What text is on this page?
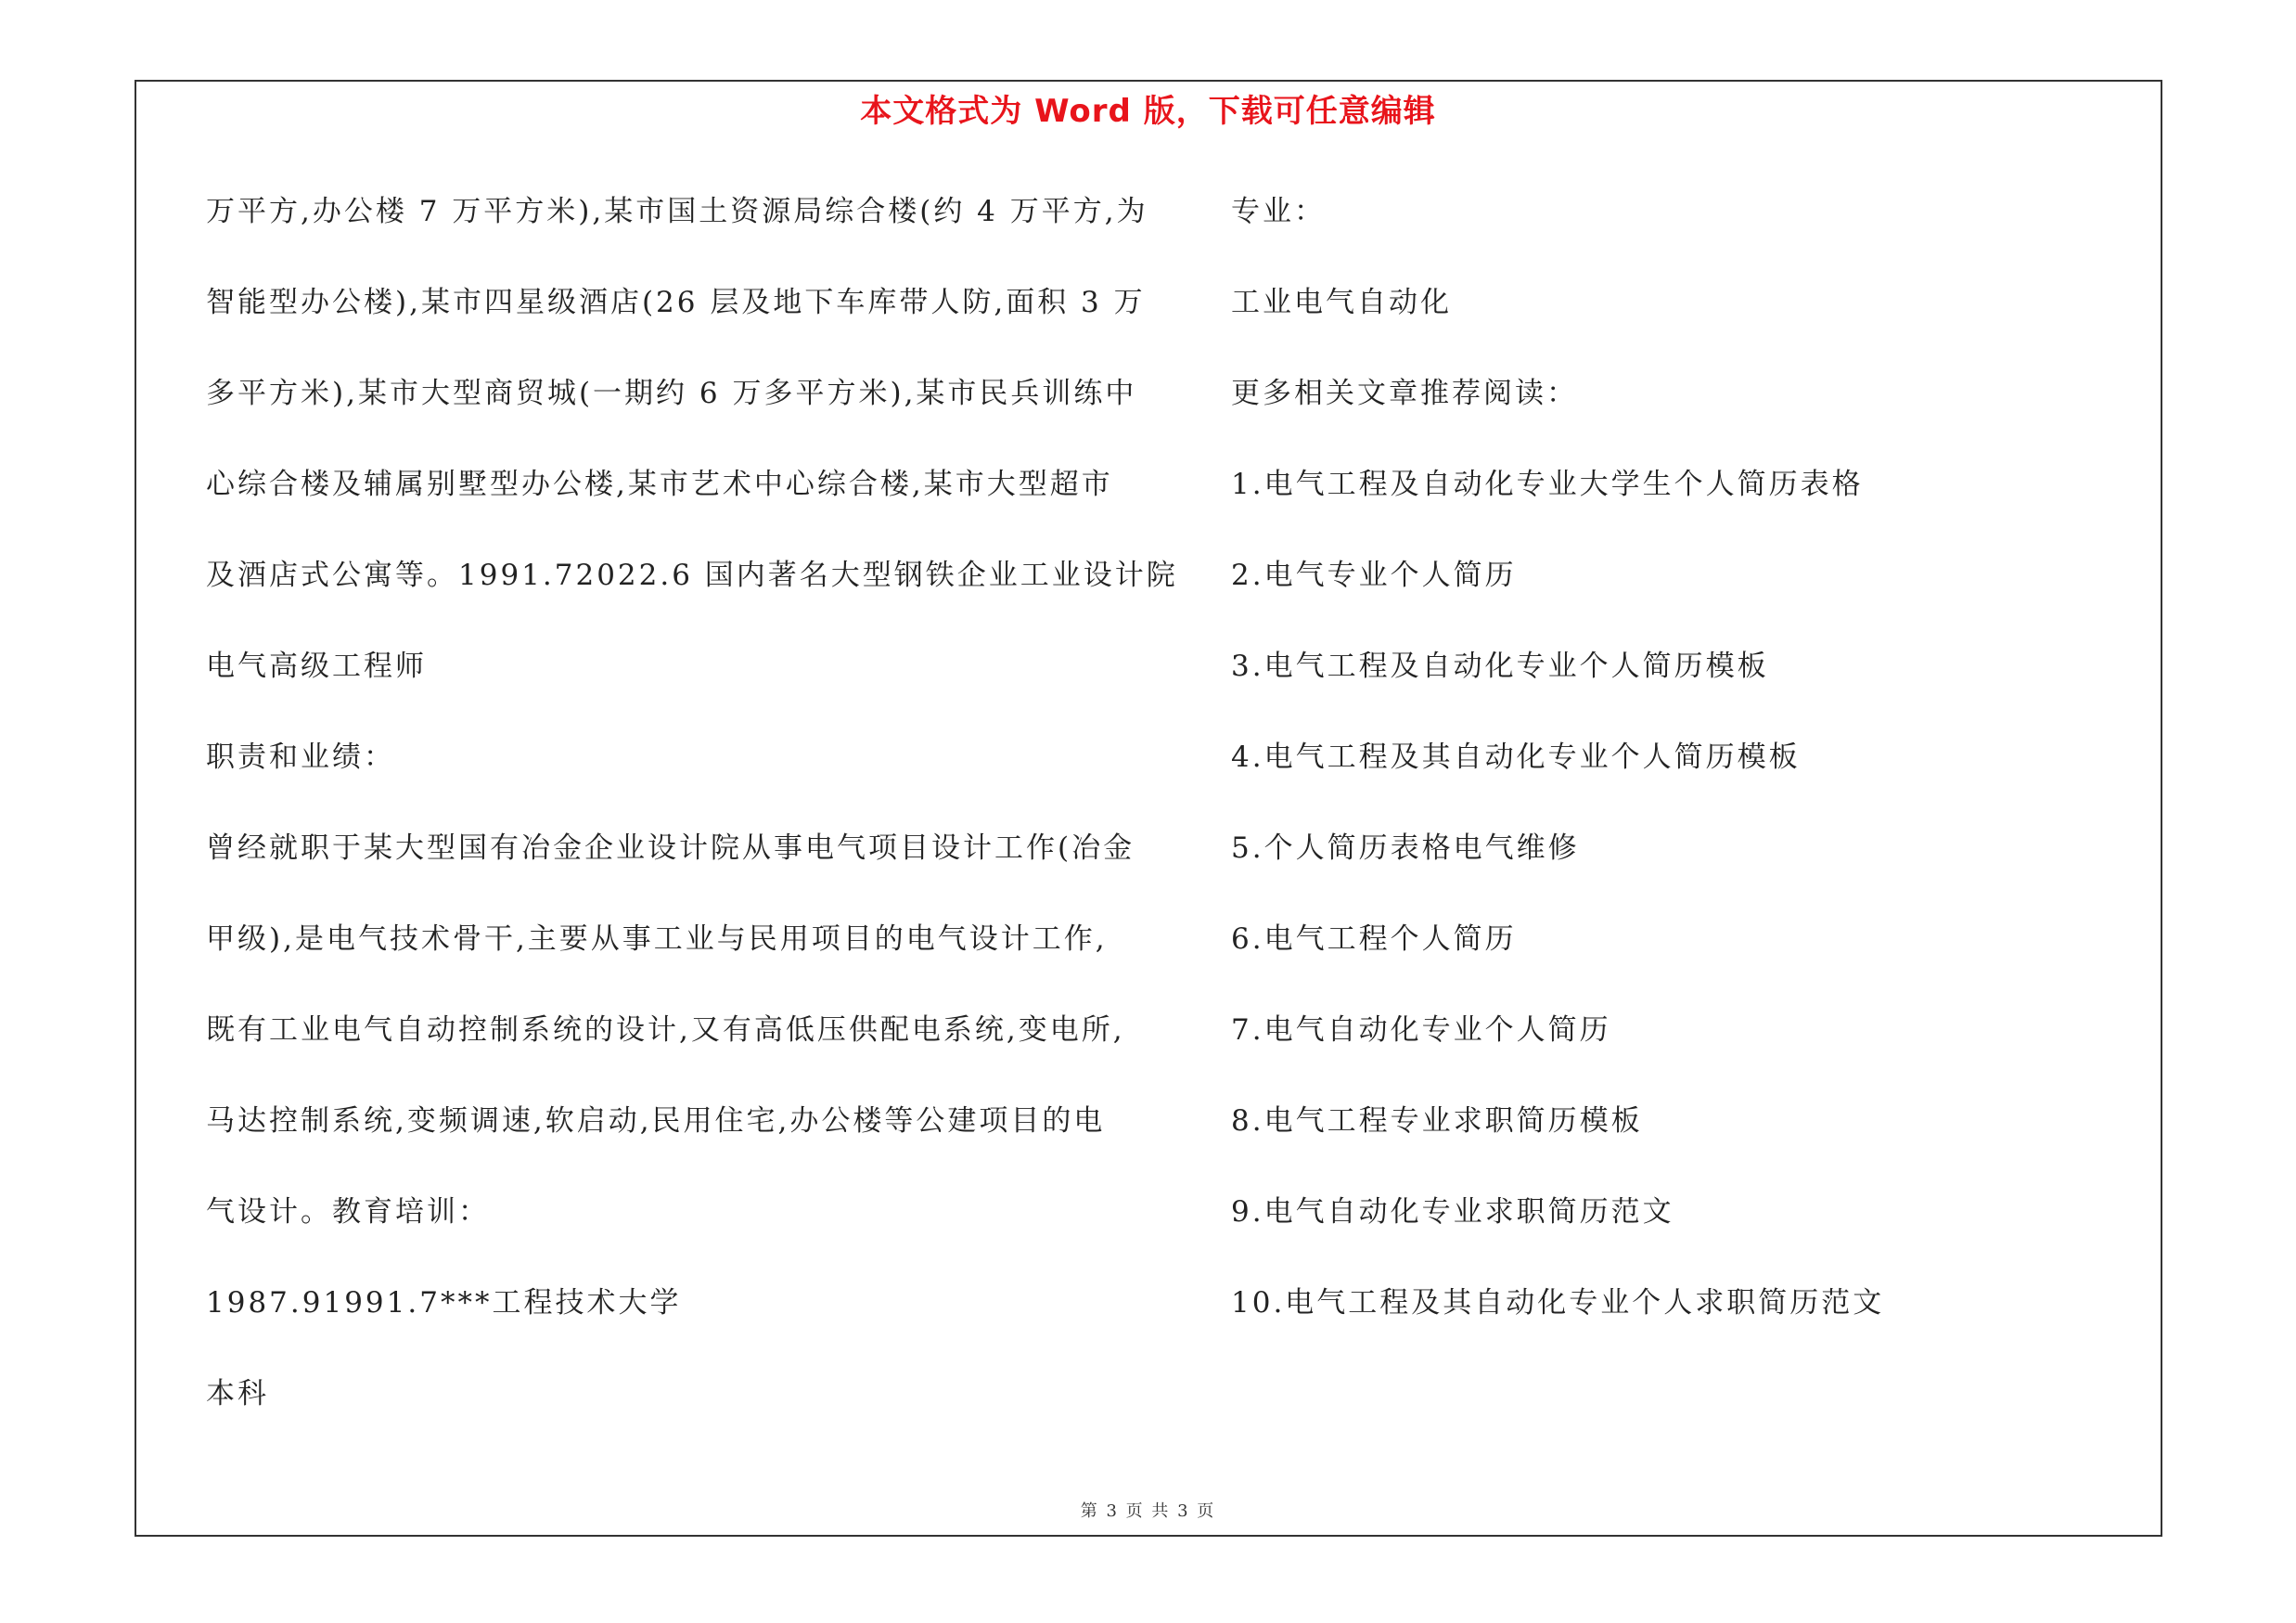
本文格式为 Word 版，下载可任意编辑
万平方,办公楼 7 万平方米),某市国土资源局综合楼(约 4 万平方,为
智能型办公楼),某市四星级酒店(26 层及地下车库带人防,面积 3 万
多平方米),某市大型商贸城(一期约 6 万多平方米),某市民兵训练中
心综合楼及辅属别墅型办公楼,某市艺术中心综合楼,某市大型超市
及酒店式公寓等。1991.72022.6 国内著名大型钢铁企业工业设计院
电气高级工程师
职责和业绩：
曾经就职于某大型国有冶金企业设计院从事电气项目设计工作(冶金
甲级),是电气技术骨干,主要从事工业与民用项目的电气设计工作,
既有工业电气自动控制系统的设计,又有高低压供配电系统,变电所,
马达控制系统,变频调速,软启动,民用住宅,办公楼等公建项目的电
气设计。教育培训：
1987.91991.7***工程技术大学
本科
专业：
工业电气自动化
更多相关文章推荐阅读：
1.电气工程及自动化专业大学生个人简历表格
2.电气专业个人简历
3.电气工程及自动化专业个人简历模板
4.电气工程及其自动化专业个人简历模板
5.个人简历表格电气维修
6.电气工程个人简历
7.电气自动化专业个人简历
8.电气工程专业求职简历模板
9.电气自动化专业求职简历范文
10.电气工程及其自动化专业个人求职简历范文
第 3 页 共 3 页
